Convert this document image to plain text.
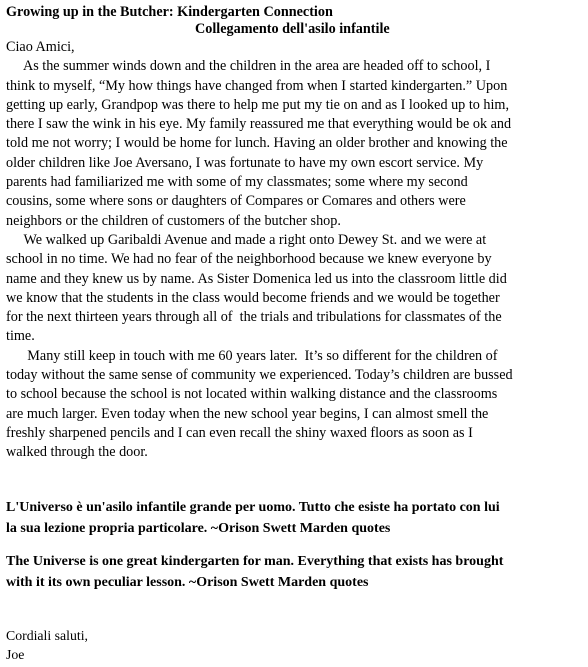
Growing up in the Butcher: Kindergarten Connection
Collegamento dell'asilo infantile
Ciao Amici,
As the summer winds down and the children in the area are headed off to school, I
think to myself, “My how things have changed from when I started kindergarten.” Upon
getting up early, Grandpop was there to help me put my tie on and as I looked up to him,
there I saw the wink in his eye. My family reassured me that everything would be ok and
told me not worry; I would be home for lunch. Having an older brother and knowing the
older children like Joe Aversano, I was fortunate to have my own escort service. My
parents had familiarized me with some of my classmates; some where my second
cousins, some where sons or daughters of Compares or Comares and others were
neighbors or the children of customers of the butcher shop.
We walked up Garibaldi Avenue and made a right onto Dewey St. and we were at
school in no time. We had no fear of the neighborhood because we knew everyone by
name and they knew us by name. As Sister Domenica led us into the classroom little did
we know that the students in the class would become friends and we would be together
for the next thirteen years through all of  the trials and tribulations for classmates of the
time.
Many still keep in touch with me 60 years later.  It’s so different for the children of
today without the same sense of community we experienced. Today’s children are bussed
to school because the school is not located within walking distance and the classrooms
are much larger. Even today when the new school year begins, I can almost smell the
freshly sharpened pencils and I can even recall the shiny waxed floors as soon as I
walked through the door.
L'Universo è un'asilo infantile grande per uomo. Tutto che esiste ha portato con lui
la sua lezione propria particolare. ~Orison Swett Marden quotes
The Universe is one great kindergarten for man. Everything that exists has brought
with it its own peculiar lesson. ~Orison Swett Marden quotes
Cordiali saluti,
Joe
